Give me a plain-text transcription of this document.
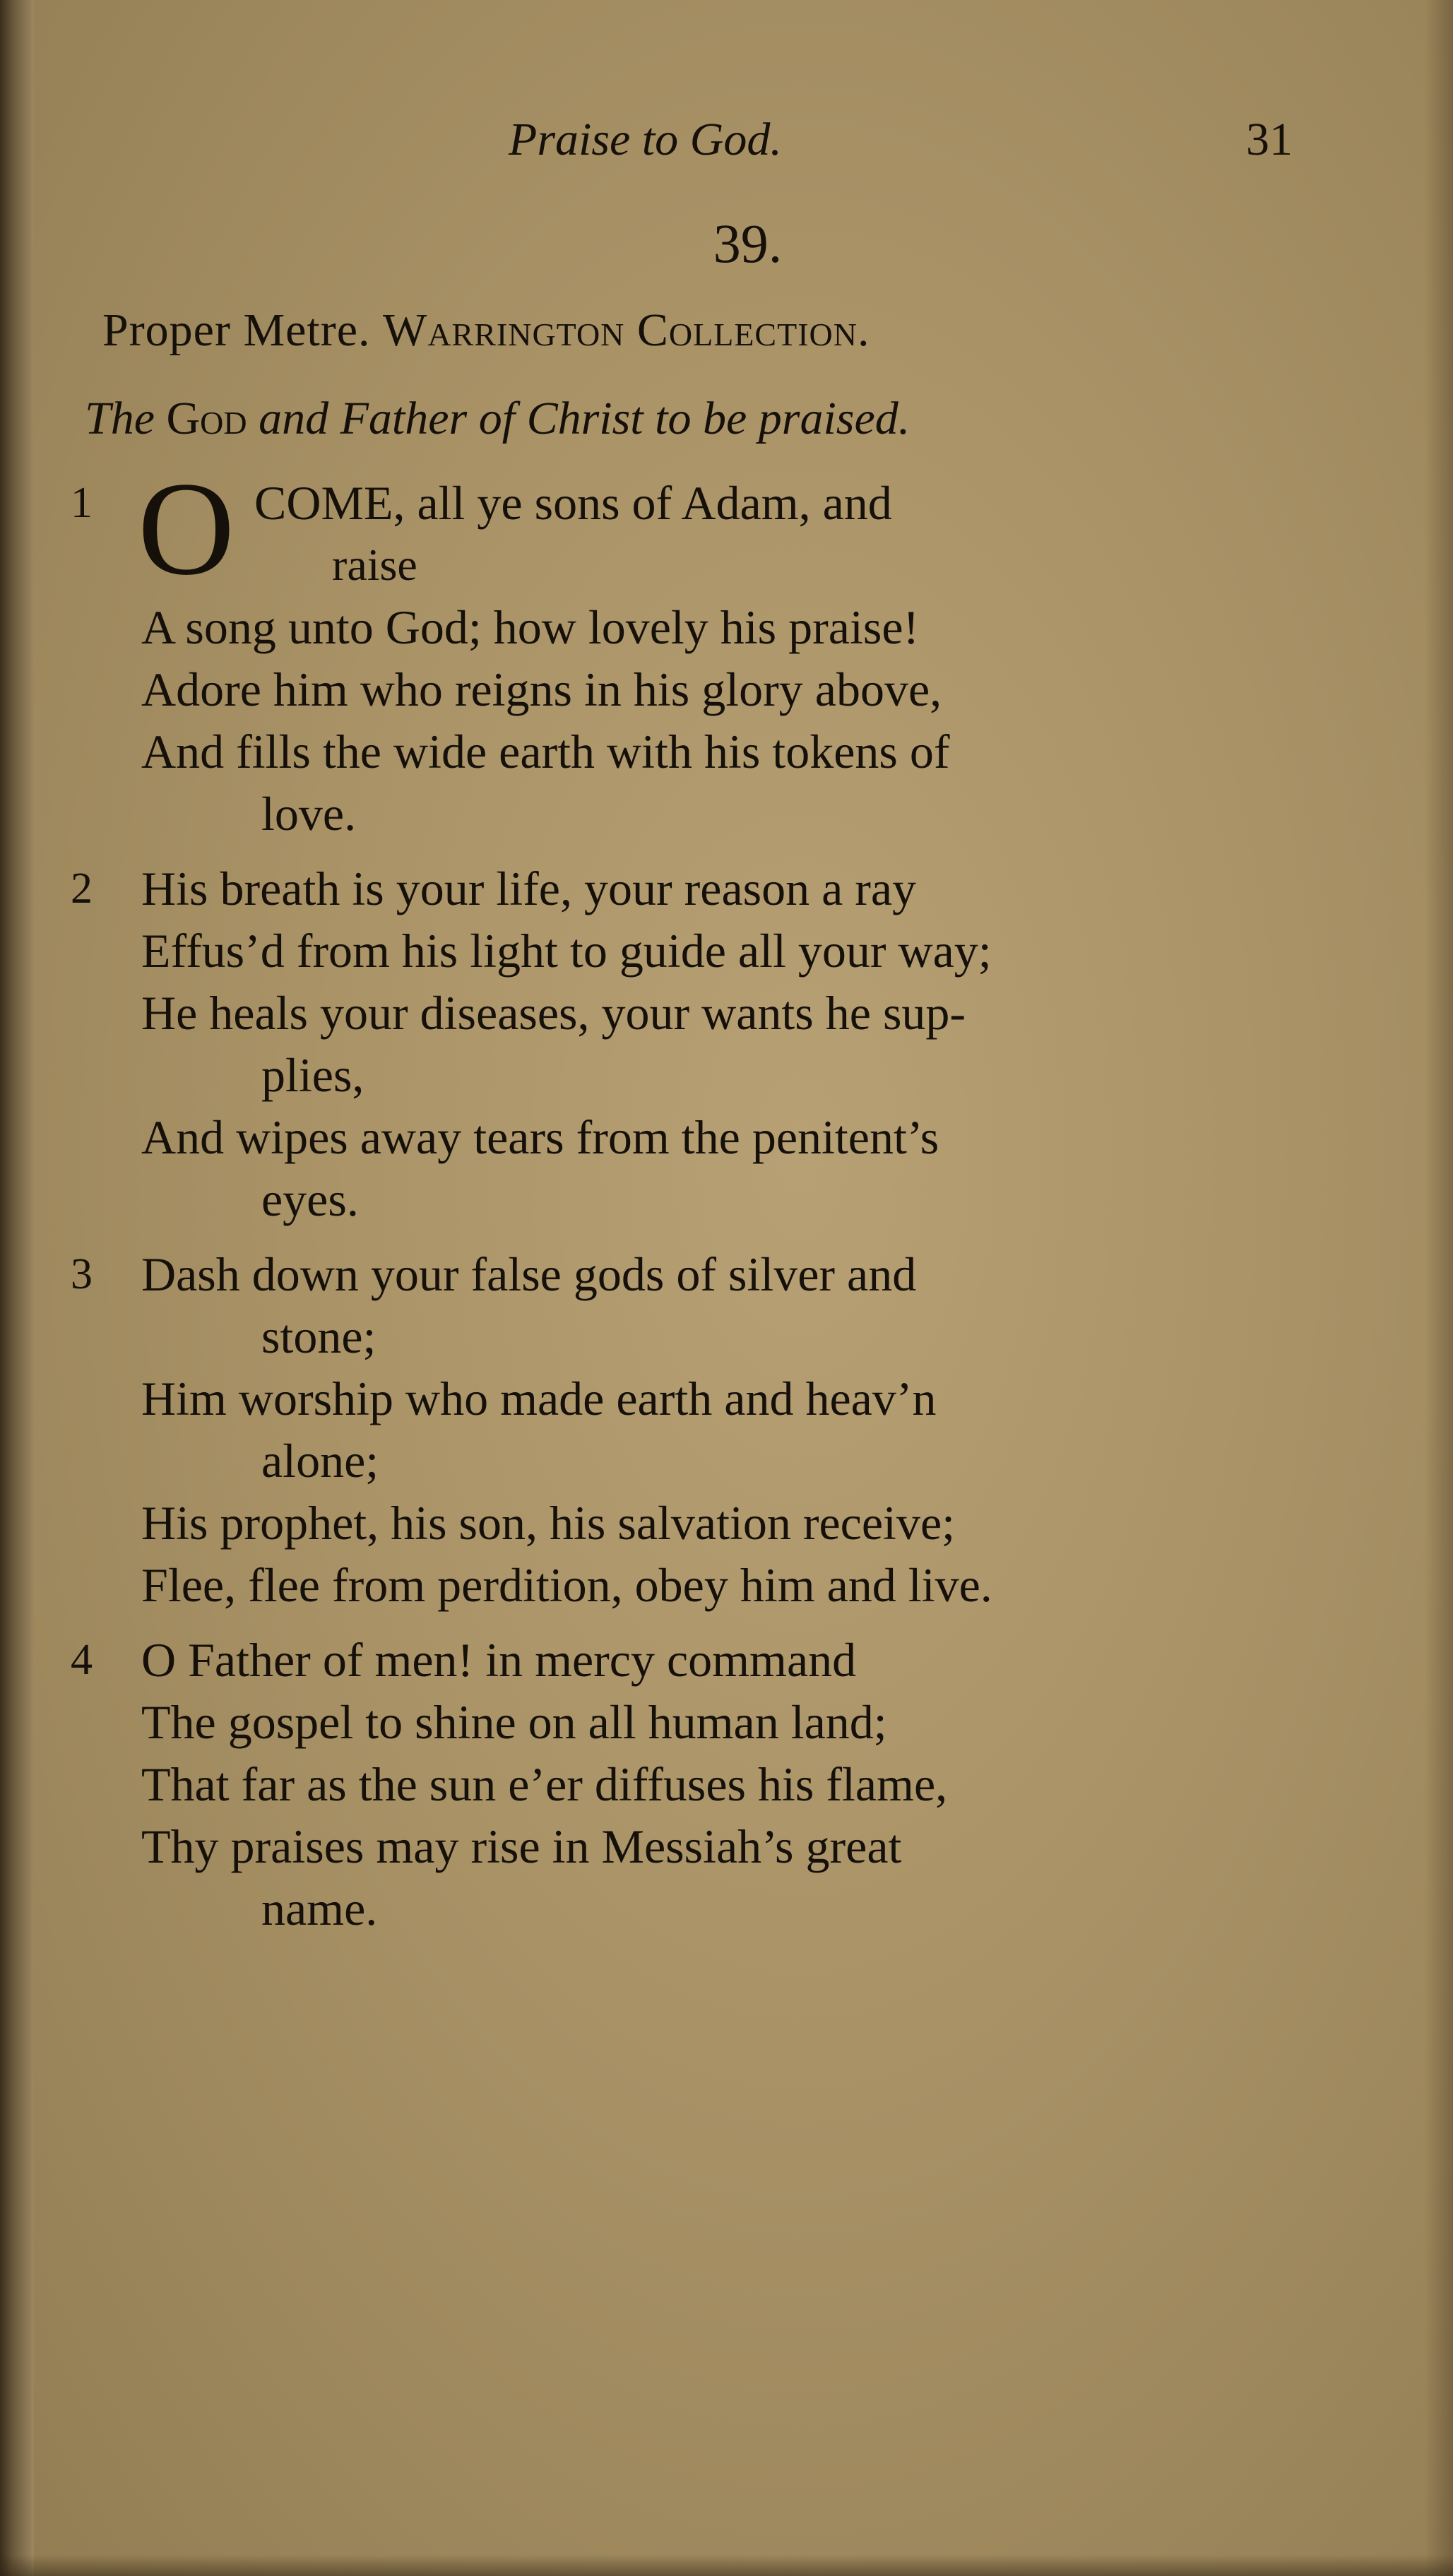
Praise to God.	31
39.
Proper Metre. Warrington Collection.
The God and Father of Christ to be praised.
1 O COME, all ye sons of Adam, and
raise
A song unto God; how lovely his praise!
Adore him who reigns in his glory above,
And fills the wide earth with his tokens of
love.
2	His breath is your life, your reason a ray
Effus’d from his light to guide all your way;
He heals your diseases, your wants he sup-
plies,
And wipes away tears from the penitent’s
eyes.
3	Dash down your false gods of silver and
stone;
Him worship who made earth and heav’n
alone;
His prophet, his son, his salvation receive;
Flee, flee from perdition, obey him and live.
4	O Father of men! in mercy command
The gospel to shine on all human land;
That far as the sun e’er diffuses his flame,
Thy praises may rise in Messiah’s great
name.
